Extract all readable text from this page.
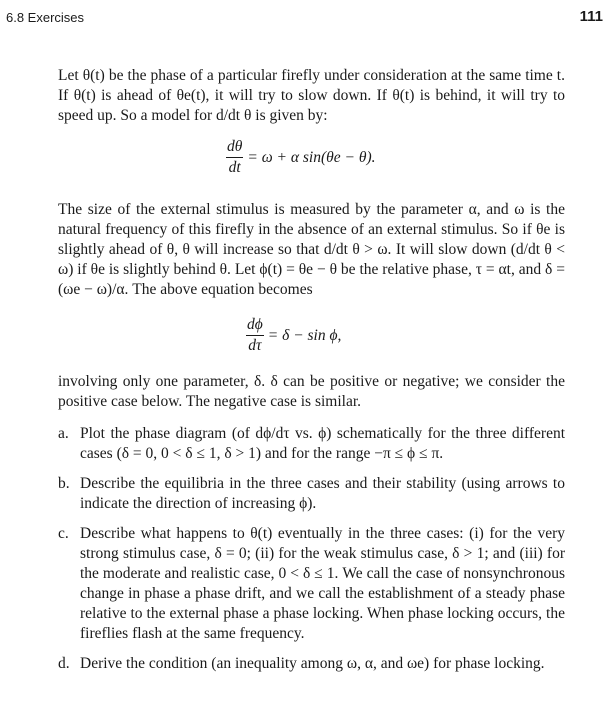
6.8 Exercises	111
Let θ(t) be the phase of a particular firefly under consideration at the same time t. If θ(t) is ahead of θe(t), it will try to slow down. If θ(t) is behind, it will try to speed up. So a model for d/dt θ is given by:
$\frac{d\theta}{dt} = \omega + \alpha$ sin(θe − θ).
The size of the external stimulus is measured by the parameter α, and ω is the natural frequency of this firefly in the absence of an external stimulus. So if θe is slightly ahead of θ, θ will increase so that d/dt θ > ω. It will slow down (d/dt θ < ω) if θe is slightly behind θ. Let ϕ(t) = θe − θ be the relative phase, τ = αt, and δ = (ωe − ω)/α. The above equation becomes
$\frac{d\phi}{d\tau} = \delta - \sin \phi$,
involving only one parameter, δ. δ can be positive or negative; we consider the positive case below. The negative case is similar.
a. Plot the phase diagram (of dϕ/dτ vs. ϕ) schematically for the three different cases (δ = 0, 0 < δ ≤ 1, δ > 1) and for the range −π ≤ ϕ ≤ π.
b. Describe the equilibria in the three cases and their stability (using arrows to indicate the direction of increasing ϕ).
c. Describe what happens to θ(t) eventually in the three cases: (i) for the very strong stimulus case, δ = 0; (ii) for the weak stimulus case, δ > 1; and (iii) for the moderate and realistic case, 0 < δ ≤ 1. We call the case of nonsynchronous change in phase a phase drift, and we call the establishment of a steady phase relative to the external phase a phase locking. When phase locking occurs, the fireflies flash at the same frequency.
d. Derive the condition (an inequality among ω, α, and ωe) for phase locking.
